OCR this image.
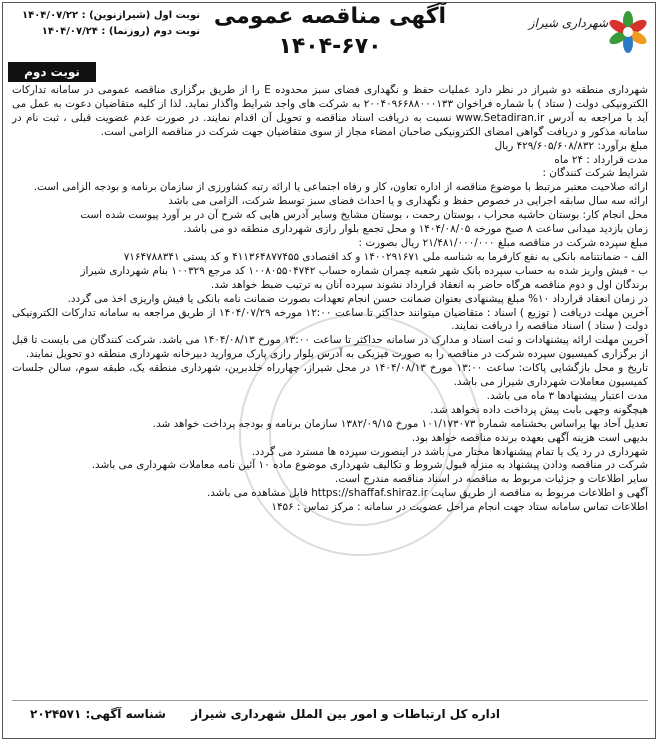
شهرداری شیراز
آگهی مناقصه عمومی
۱۴۰۴-۶۷۰
نوبت اول (شیرازنوین) : ۱۴۰۴/۰۷/۲۲
نوبت دوم (روزنما) : ۱۴۰۴/۰۷/۲۴
نوبت دوم

شهرداری منطقه دو شیراز در نظر دارد عملیات حفظ و نگهداری فضای سبز محدوده E را از طریق برگزاری مناقصه عمومی در سامانه تدارکات الکترونیکی دولت ( ستاد ) با شماره فراخوان ۲۰۰۴۰۹۶۶۸۸۰۰۰۱۳۳ به شرکت های واجد شرایط واگذار نماید. لذا از کلیه متقاضیان دعوت به عمل می آید با مراجعه به آدرس www.Setadiran.ir نسبت به دریافت اسناد مناقصه و تحویل آن اقدام نمایند. در صورت عدم عضویت قبلی ، ثبت نام در سامانه مذکور و دریافت گواهی امضای الکترونیکی صاحبان امضاء مجاز از سوی متقاضیان جهت شرکت در مناقصه الزامی است.

مبلغ برآورد: ۴۲۹/۶۰۵/۶۰۸/۸۳۲ ریال

مدت قرارداد : ۲۴ ماه

شرایط شرکت کنندگان :

ارائه صلاحیت معتبر مرتبط با موضوع مناقصه از اداره تعاون، کار و رفاه اجتماعی یا ارائه رتبه کشاورزی از سازمان برنامه و بودجه الزامی است.

ارائه سه سال سابقه اجرایی در خصوص حفظ و نگهداری و یا احداث فضای سبز توسط شرکت، الزامی می باشد

محل انجام کار: بوستان حاشیه محراب ، بوستان رحمت ، بوستان مشایخ وسایر آدرس هایی که شرح آن در بر آورد پیوست شده است

زمان بازدید میدانی ساعت ۸ صبح مورخه ۱۴۰۴/۰۸/۰۵ و محل تجمع بلوار رازی شهرداری منطقه دو می باشد.

مبلغ سپرده شرکت در مناقصه مبلغ ۲۱/۴۸۱/۰۰۰/۰۰۰ ریال بصورت :

الف - ضمانتنامه بانکی به نفع کارفرما به شناسه ملی ۱۴۰۰۲۹۱۶۷۱ و کد اقتصادی ۴۱۱۳۶۴۸۷۷۴۵۵ و کد پستی ۷۱۶۴۷۸۸۳۴۱

ب - فیش واریز شده به حساب سپرده بانک شهر شعبه چمران شماره حساب ۱۰۰۸۰۵۵۰۴۷۴۲ کد مرجع ۱۰۰۳۲۹ بنام شهرداری شیراز

برندگان اول و دوم مناقصه هرگاه حاضر به انعقاد قرارداد نشوند سپرده آنان به ترتیب ضبط خواهد شد.

در زمان انعقاد قرارداد ۱۰% مبلغ پیشنهادی بعنوان ضمانت حسن انجام تعهدات بصورت ضمانت نامه بانکی یا فیش واریزی اخذ می گردد.

آخرین مهلت دریافت ( توزیع ) اسناد : متقاضیان میتوانند حداکثر تا ساعت ۱۲:۰۰ مورخه ۱۴۰۴/۰۷/۲۹ از طریق مراجعه به سامانه تدارکات الکترونیکی دولت ( ستاد ) اسناد مناقصه را دریافت نمایند.

آخرین مهلت ارائه پیشنهادات و ثبت اسناد و مدارک در سامانه حداکثر تا ساعت ۱۳:۰۰ مورخ ۱۴۰۴/۰۸/۱۳ می باشد. شرکت کنندگان می بایست تا قبل از برگزاری کمیسیون سپرده شرکت در مناقصه را به صورت فیزیکی به آدرس بلوار رازی پارک مروارید دبیرخانه شهرداری منطقه دو تحویل نمایند.

تاریخ و محل بازگشایی پاکات: ساعت ۱۳:۰۰ مورخ ۱۴۰۴/۰۸/۱۳ در محل شیراز، چهارراه خلدبرین، شهرداری منطقه یک، طبقه سوم، سالن جلسات کمیسیون معاملات شهرداری شیراز می باشد.

مدت اعتبار پیشنهادها ۳ ماه می باشد.

هیچگونه وجهی بابت پیش پرداخت داده نخواهد شد.

تعدیل آحاد بها براساس بخشنامه شماره ۱۰۱/۱۷۳۰۷۳ مورخ ۱۳۸۲/۰۹/۱۵ سازمان برنامه و بودجه پرداخت خواهد شد.

بدیهی است هزینه آگهی بعهده برنده مناقصه خواهد بود.

شهرداری در رد یک یا تمام پیشنهادها مختار می باشد در اینصورت سپرده ها مسترد می گردد.

شرکت در مناقصه ودادن پیشنهاد به منزله قبول شروط و تکالیف شهرداری موضوع ماده ۱۰ آئین نامه معاملات شهرداری می باشد.

سایر اطلاعات و جزئیات مربوط به مناقصه در اسناد مناقصه مندرج است.

آگهی و اطلاعات مربوط به مناقصه از طریق سایت https://shaffaf.shiraz.ir قابل مشاهده می باشد.

اطلاعات تماس سامانه ستاد جهت انجام مراحل عضویت در سامانه : مرکز تماس : ۱۴۵۶

اداره کل ارتباطات و امور بین الملل شهرداری شیراز
شناسه آگهی: ۲۰۲۴۵۷۱
